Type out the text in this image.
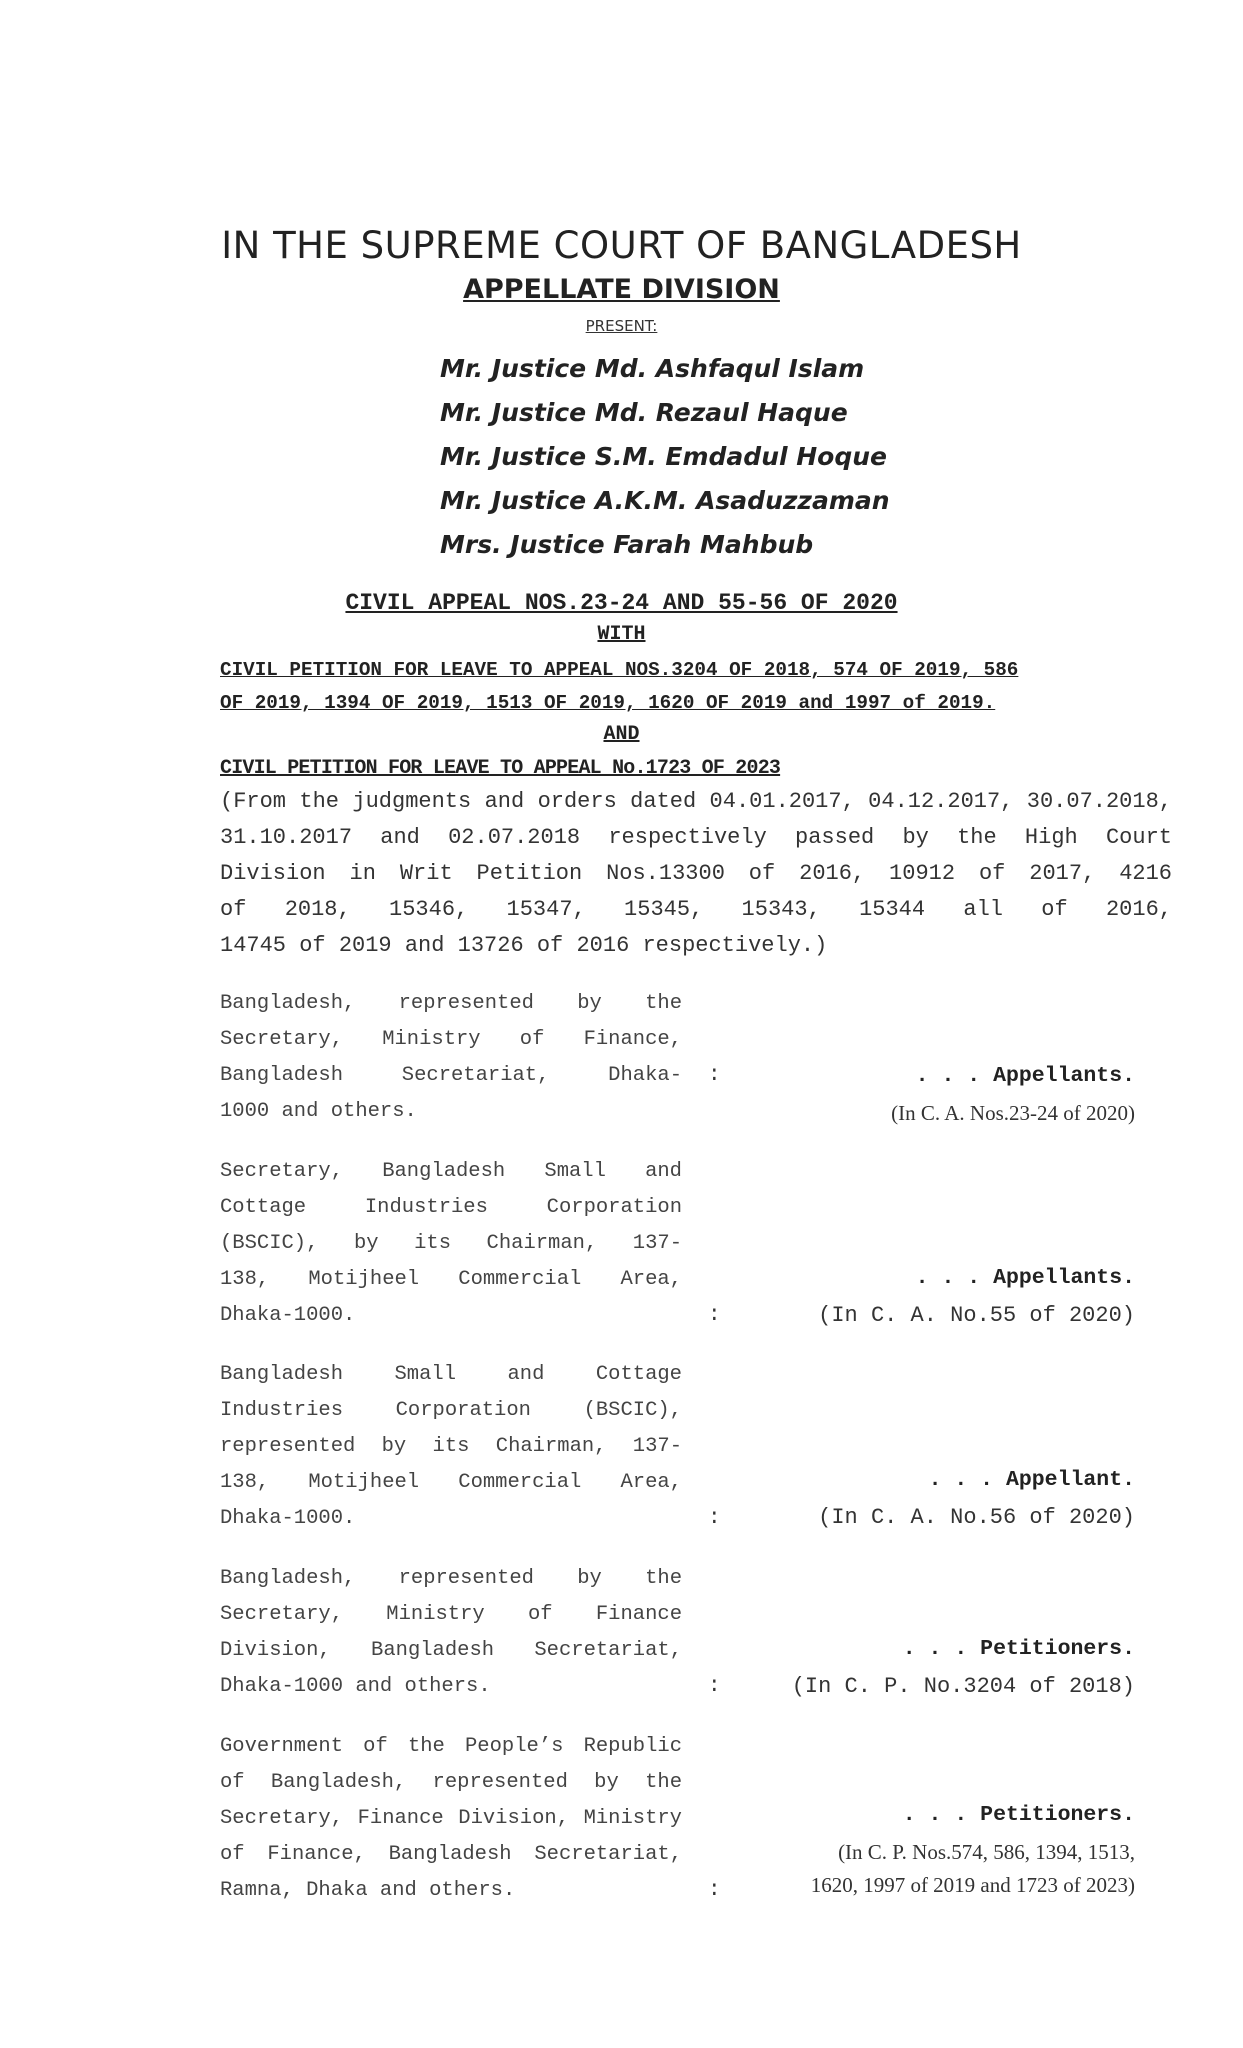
IN THE SUPREME COURT OF BANGLADESH
APPELLATE DIVISION
PRESENT:
Mr. Justice Md. Ashfaqul Islam
Mr. Justice Md. Rezaul Haque
Mr. Justice S.M. Emdadul Hoque
Mr. Justice A.K.M. Asaduzzaman
Mrs. Justice Farah Mahbub
CIVIL APPEAL NOS.23-24 AND 55-56 OF 2020
WITH
CIVIL PETITION FOR LEAVE TO APPEAL NOS.3204 OF 2018, 574 OF 2019, 586
OF 2019, 1394 OF 2019, 1513 OF 2019, 1620 OF 2019 and 1997 of 2019.
AND
CIVIL PETITION FOR LEAVE TO APPEAL No.1723 OF 2023
(From the judgments and orders dated 04.01.2017, 04.12.2017, 30.07.2018,
31.10.2017 and 02.07.2018 respectively passed by the High Court
Division in Writ Petition Nos.13300 of 2016, 10912 of 2017, 4216
of 2018, 15346, 15347, 15345, 15343, 15344 all of 2016,
14745 of 2019 and 13726 of 2016 respectively.)
Bangladesh, represented by the
Secretary, Ministry of Finance,
Bangladesh Secretariat, Dhaka-
1000 and others.
:	. . . Appellants.
(In C. A. Nos.23-24 of 2020)
Secretary, Bangladesh Small and
Cottage Industries Corporation
(BSCIC), by its Chairman, 137-
138, Motijheel Commercial Area,
Dhaka-1000.	:
. . . Appellants.
(In C. A. No.55 of 2020)
Bangladesh Small and Cottage
Industries Corporation (BSCIC),
represented by its Chairman, 137-
138, Motijheel Commercial Area,
Dhaka-1000.	:
. . . Appellant.
(In C. A. No.56 of 2020)
Bangladesh, represented by the
Secretary, Ministry of Finance
Division, Bangladesh Secretariat,
Dhaka-1000 and others.	:
. . . Petitioners.
(In C. P. No.3204 of 2018)
Government of the People’s Republic
of Bangladesh, represented by the
Secretary, Finance Division, Ministry
of Finance, Bangladesh Secretariat,
Ramna, Dhaka and others.	:
. . . Petitioners.
(In C. P. Nos.574, 586, 1394, 1513,
1620, 1997 of 2019 and 1723 of 2023)
